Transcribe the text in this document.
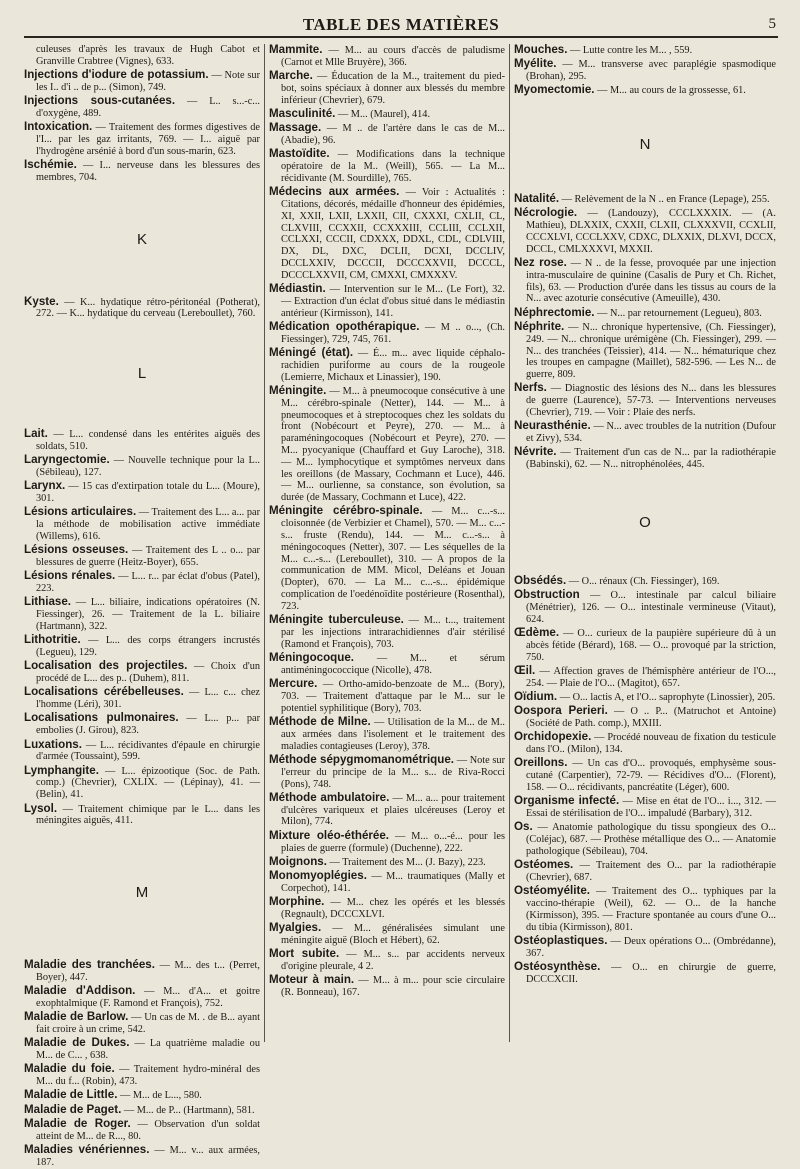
TABLE DES MATIÈRES	5

culeuses d'après les travaux de Hugh Cabot et Granville Crabtree (Vignes), 633.

Injections d'iodure de potassium. — Note sur les I.. d'i .. de p... (Simon), 749.

Injections sous-cutanées. — L.. s...-c... d'oxygène, 489.

Intoxication. — Traitement des formes digestives de l'I... par les gaz irritants, 769. — I... aiguë par l'hydrogène arsénié à bord d'un sous-marin, 623.

Ischémie. — I... nerveuse dans les blessures des membres, 704.

K

Kyste. — K... hydatique rétro-péritonéal (Potherat), 272. — K... hydatique du cerveau (Lereboullet), 760.

L

Lait. — L... condensé dans les entérites aiguës des soldats, 510.

Laryngectomie. — Nouvelle technique pour la L.. (Sébileau), 127.

Larynx. — 15 cas d'extirpation totale du L... (Moure), 301.

Lésions articulaires. — Traitement des L... a... par la méthode de mobilisation active immédiate (Willems), 616.

Lésions osseuses. — Traitement des L .. o... par blessures de guerre (Heitz-Boyer), 655.

Lésions rénales. — L... r... par éclat d'obus (Patel), 223.

Lithiase. — L... biliaire, indications opératoires (N. Fiessinger), 26. — Traitement de la L. biliaire (Hartmann), 322.

Lithotritie. — L... des corps étrangers incrustés (Legueu), 129.

Localisation des projectiles. — Choix d'un procédé de L... des p.. (Duhem), 811.

Localisations cérébelleuses. — L... c... chez l'homme (Léri), 301.

Localisations pulmonaires. — L... p... par embolies (J. Girou), 823.

Luxations. — L... récidivantes d'épaule en chirurgie d'armée (Toussaint), 599.

Lymphangite. — L... épizootique (Soc. de Path. comp.) (Chevrier), CXLIX. — (Lépinay), 41. — (Belin), 41.

Lysol. — Traitement chimique par le L... dans les méningites aiguës, 411.

M

Maladie des tranchées. — M... des t... (Perret, Boyer), 447.

Maladie d'Addison. — M... d'A... et goitre exophtalmique (F. Ramond et François), 752.

Maladie de Barlow. — Un cas de M. . de B... ayant fait croire à un crime, 542.

Maladie de Dukes. — La quatrième maladie ou M... de C... , 638.

Maladie du foie. — Traitement hydro-minéral des M... du f... (Robin), 473.

Maladie de Little. — M... de L..., 580.

Maladie de Paget. — M... de P... (Hartmann), 581.

Maladie de Roger. — Observation d'un soldat atteint de M... de R..., 80.

Maladies vénériennes. — M... v... aux armées, 187.

Mammite. — M... au cours d'accès de paludisme (Carnot et Mlle Bruyère), 366.

Marche. — Éducation de la M.., traitement du pied-bot, soins spéciaux à donner aux blessés du membre inférieur (Chevrier), 679.

Masculinité. — M... (Maurel), 414.

Massage. — M .. de l'artère dans le cas de M... (Abadie), 96.

Mastoïdite. — Modifications dans la technique opératoire de la M.. (Weill), 565. — La M... récidivante (M. Sourdille), 765.

Médecins aux armées. — Voir : Actualités : Citations, décorés, médaille d'honneur des épidémies, XI, XXII, LXII, LXXII, CII, CXXXI, CXLII, CL, CLXVIII, CCXXII, CCXXXIII, CCLIII, CCLXII, CCLXXI, CCCII, CDXXX, DDXL, CDL, CDLVIII, DX, DL, DXC, DCLII, DCXI, DCCLIV, DCCLXXIV, DCCCII, DCCCXXVII, DCCCL, DCCCLXXVII, CM, CMXXI, CMXXXV.

Médiastin. — Intervention sur le M... (Le Fort), 32. — Extraction d'un éclat d'obus situé dans le médiastin antérieur (Kirmisson), 141.

Médication opothérapique. — M .. o..., (Ch. Fiessinger), 729, 745, 761.

Méningé (état). — É... m... avec liquide céphalo-rachidien puriforme au cours de la rougeole (Lemierre, Michaux et Linassier), 190.

Méningite. — M... à pneumocoque consécutive à une M... cérébro-spinale (Netter), 144. — M... à pneumocoques et à streptocoques chez les soldats du front (Nobécourt et Peyre), 270. — M... à paraméningocoques (Nobécourt et Peyre), 270. — M... pyocyanique (Chauffard et Guy Laroche), 318. — M... lymphocytique et symptômes nerveux dans les oreillons (de Massary, Cochmann et Luce), 446. — M... ourlienne, sa constance, son évolution, sa durée (de Massary, Cochmann et Luce), 422.

Méningite cérébro-spinale. — M... c...-s... cloisonnée (de Verbizier et Chamel), 570. — M... c...-s... fruste (Rendu), 144. — M... c...-s... à méningocoques (Netter), 307. — Les séquelles de la M... c...-s... (Lereboullet), 310. — A propos de la communication de MM. Micol, Deléans et Jouan (Dopter), 670. — La M... c...-s... épidémique complication de l'oedénoïdite postérieure (Rosenthal), 723.

Méningite tuberculeuse. — M... t..., traitement par les injections intrarachidiennes d'air stérilisé (Ramond et François), 703.

Méningocoque. — M... et sérum antiméningococcique (Nicolle), 478.

Mercure. — Ortho-amido-benzoate de M... (Bory), 703. — Traitement d'attaque par le M... sur le potentiel syphilitique (Bory), 703.

Méthode de Milne. — Utilisation de la M... de M.. aux armées dans l'isolement et le traitement des maladies contagieuses (Leroy), 378.

Méthode sépygmomanométrique. — Note sur l'erreur du principe de la M... s... de Riva-Rocci (Pons), 748.

Méthode ambulatoire. — M... a... pour traitement d'ulcères variqueux et plaies ulcéreuses (Leroy et Milon), 774.

Mixture oléo-éthérée. — M... o...-é... pour les plaies de guerre (formule) (Duchenne), 222.

Moignons. — Traitement des M... (J. Bazy), 223.

Monomyoplégies. — M... traumatiques (Mally et Corpechot), 141.

Morphine. — M... chez les opérés et les blessés (Regnault), DCCCXLVI.

Myalgies. — M... généralisées simulant une méningite aiguë (Bloch et Hébert), 62.

Mort subite. — M... s... par accidents nerveux d'origine pleurale, 4 2.

Moteur à main. — M... à m... pour scie circulaire (R. Bonneau), 167.

Mouches. — Lutte contre les M... , 559.

Myélite. — M... transverse avec paraplégie spasmodique (Brohan), 295.

Myomectomie. — M... au cours de la grossesse, 61.

N

Natalité. — Relèvement de la N .. en France (Lepage), 255.

Nécrologie. — (Landouzy), CCCLXXXIX. — (A. Mathieu), DLXXIX, CXXII, CLXII, CLXXXVII, CCXLII, CCCXLVI, CCCLXXV, CDXC, DLXXIX, DLXVI, DCCX, DCCL, CMLXXXVI, MXXII.

Nez rose. — N .. de la fesse, provoquée par une injection intra-musculaire de quinine (Casalis de Pury et Ch. Richet, fils), 63. — Production d'urée dans les tissus au cours de la N... avec azoturie consécutive (Ameuille), 430.

Néphrectomie. — N... par retournement (Legueu), 803.

Néphrite. — N... chronique hypertensive, (Ch. Fiessinger), 249. — N... chronique urémigène (Ch. Fiessinger), 299. — N... des tranchées (Teissier), 414. — N... hématurique chez les troupes en campagne (Maillet), 582-596. — Les N... de guerre, 809.

Nerfs. — Diagnostic des lésions des N... dans les blessures de guerre (Laurence), 57-73. — Interventions nerveuses (Chevrier), 719. — Voir : Plaie des nerfs.

Neurasthénie. — N... avec troubles de la nutrition (Dufour et Zivy), 534.

Névrite. — Traitement d'un cas de N... par la radiothérapie (Babinski), 62. — N... nitrophénolées, 445.

O

Obsédés. — O... rénaux (Ch. Fiessinger), 169.

Obstruction — O... intestinale par calcul biliaire (Ménétrier), 126. — O... intestinale vermineuse (Vitaut), 624.

Œdème. — O... curieux de la paupière supérieure dû à un abcès fétide (Bérard), 168. — O... provoqué par la striction, 750.

Œil. — Affection graves de l'hémisphère antérieur de l'O..., 254. — Plaie de l'O... (Magitot), 657.

Oïdium. — O... lactis A, et l'O... saprophyte (Linossier), 205.

Oospora Perieri. — O .. P... (Matruchot et Antoine) (Société de Path. comp.), MXIII.

Orchidopexie. — Procédé nouveau de fixation du testicule dans l'O.. (Milon), 134.

Oreillons. — Un cas d'O... provoqués, emphysème sous-cutané (Carpentier), 72-79. — Récidives d'O... (Florent), 158. — O... récidivants, pancréatite (Léger), 600.

Organisme infecté. — Mise en état de l'O... i..., 312. — Essai de stérilisation de l'O... impaludé (Barbary), 312.

Os. — Anatomie pathologique du tissu spongieux des O... (Coléjac), 687. — Prothèse métallique des O... — Anatomie pathologique (Sébileau), 704.

Ostéomes. — Traitement des O... par la radiothérapie (Chevrier), 687.

Ostéomyélite. — Traitement des O... typhiques par la vaccino-thérapie (Weil), 62. — O... de la hanche (Kirmisson), 395. — Fracture spontanée au cours d'une O... du tibia (Kirmisson), 801.

Ostéoplastiques. — Deux opérations O... (Ombrédanne), 367.

Ostéosynthèse. — O... en chirurgie de guerre, DCCCXCII.
